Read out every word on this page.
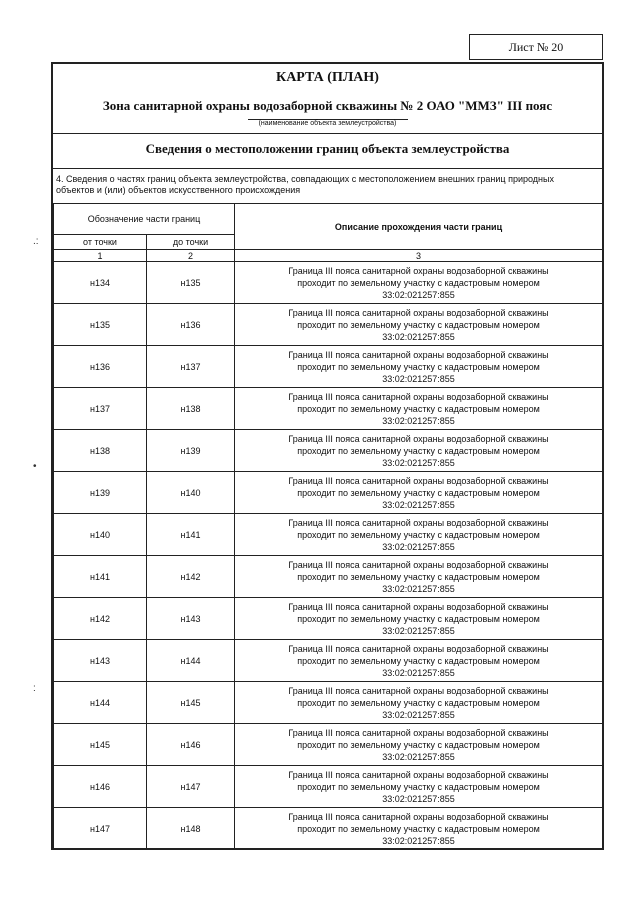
Лист № 20
.:
•
:
КАРТА (ПЛАН)
Зона санитарной охраны водозаборной скважины № 2 ОАО "ММЗ" III пояс
(наименование объекта землеустройства)
Сведения о местоположении границ объекта землеустройства
4. Сведения о частях границ объекта землеустройства, совпадающих с местоположением внешних границ природных объектов и (или) объектов искусственного происхождения
Обозначение части границ		Описание прохождения части границ
от точки	до точки	
1	2	3
н134	н135	Граница III пояса санитарной охраны водозаборной скважины
проходит по земельному участку с кадастровым номером
33:02:021257:855

н135	н136	Граница III пояса санитарной охраны водозаборной скважины
проходит по земельному участку с кадастровым номером
33:02:021257:855

н136	н137	Граница III пояса санитарной охраны водозаборной скважины
проходит по земельному участку с кадастровым номером
33:02:021257:855

н137	н138	Граница III пояса санитарной охраны водозаборной скважины
проходит по земельному участку с кадастровым номером
33:02:021257:855

н138	н139	Граница III пояса санитарной охраны водозаборной скважины
проходит по земельному участку с кадастровым номером
33:02:021257:855

н139	н140	Граница III пояса санитарной охраны водозаборной скважины
проходит по земельному участку с кадастровым номером
33:02:021257:855

н140	н141	Граница III пояса санитарной охраны водозаборной скважины
проходит по земельному участку с кадастровым номером
33:02:021257:855

н141	н142	Граница III пояса санитарной охраны водозаборной скважины
проходит по земельному участку с кадастровым номером
33:02:021257:855

н142	н143	Граница III пояса санитарной охраны водозаборной скважины
проходит по земельному участку с кадастровым номером
33:02:021257:855

н143	н144	Граница III пояса санитарной охраны водозаборной скважины
проходит по земельному участку с кадастровым номером
33:02:021257:855

н144	н145	Граница III пояса санитарной охраны водозаборной скважины
проходит по земельному участку с кадастровым номером
33:02:021257:855

н145	н146	Граница III пояса санитарной охраны водозаборной скважины
проходит по земельному участку с кадастровым номером
33:02:021257:855

н146	н147	Граница III пояса санитарной охраны водозаборной скважины
проходит по земельному участку с кадастровым номером
33:02:021257:855

н147	н148	Граница III пояса санитарной охраны водозаборной скважины
проходит по земельному участку с кадастровым номером
33:02:021257:855
